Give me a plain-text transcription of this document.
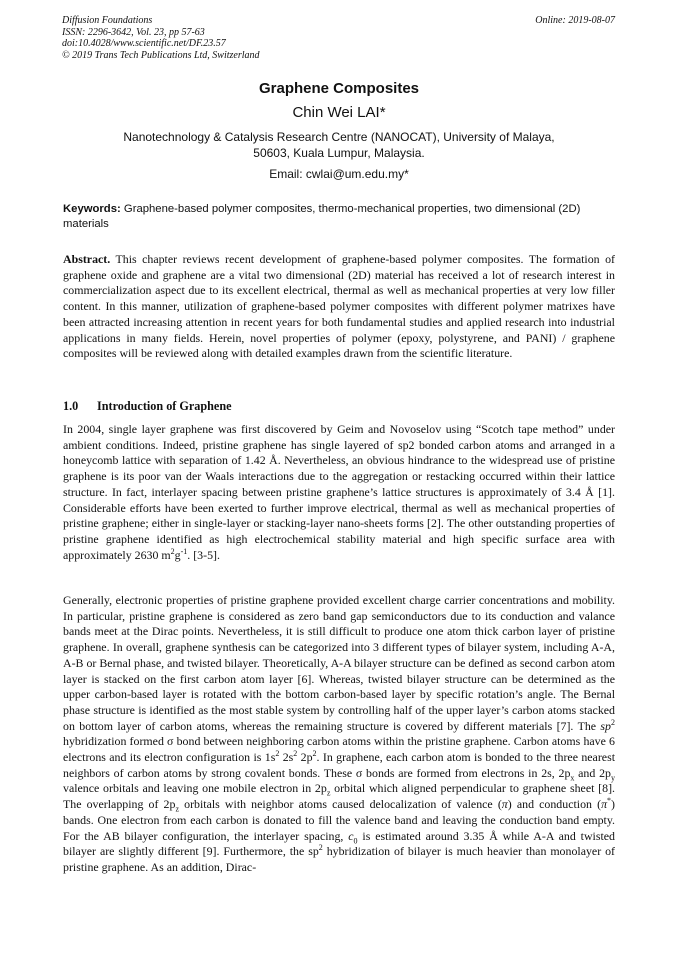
Diffusion Foundations
ISSN: 2296-3642, Vol. 23, pp 57-63
doi:10.4028/www.scientific.net/DF.23.57
© 2019 Trans Tech Publications Ltd, Switzerland
Online: 2019-08-07
Graphene Composites
Chin Wei LAI*
Nanotechnology & Catalysis Research Centre (NANOCAT), University of Malaya,
50603, Kuala Lumpur, Malaysia.
Email: cwlai@um.edu.my*
Keywords: Graphene-based polymer composites, thermo-mechanical properties, two dimensional (2D) materials
Abstract. This chapter reviews recent development of graphene-based polymer composites. The formation of graphene oxide and graphene are a vital two dimensional (2D) material has received a lot of research interest in commercialization aspect due to its excellent electrical, thermal as well as mechanical properties at very low filler content. In this manner, utilization of graphene-based polymer composites with different polymer matrixes have been attracted increasing attention in recent years for both fundamental studies and applied research into industrial applications in many fields. Herein, novel properties of polymer (epoxy, polystyrene, and PANI) / graphene composites will be reviewed along with detailed examples drawn from the scientific literature.
1.0 Introduction of Graphene
In 2004, single layer graphene was first discovered by Geim and Novoselov using “Scotch tape method” under ambient conditions. Indeed, pristine graphene has single layered of sp2 bonded carbon atoms and arranged in a honeycomb lattice with separation of 1.42 Å. Nevertheless, an obvious hindrance to the widespread use of pristine graphene is its poor van der Waals interactions due to the aggregation or restacking occurred within their lattice structure. In fact, interlayer spacing between pristine graphene’s lattice structures is approximately of 3.4 Å [1]. Considerable efforts have been exerted to further improve electrical, thermal as well as mechanical properties of pristine graphene; either in single-layer or stacking-layer nano-sheets forms [2]. The other outstanding properties of pristine graphene identified as high electrochemical stability material and high specific surface area with approximately 2630 $m^2g^{-1}$. [3-5].
Generally, electronic properties of pristine graphene provided excellent charge carrier concentrations and mobility. In particular, pristine graphene is considered as zero band gap semiconductors due to its conduction and valance bands meet at the Dirac points. Nevertheless, it is still difficult to produce one atom thick carbon layer of pristine graphene. In overall, graphene synthesis can be categorized into 3 different types of bilayer system, including A-A, A-B or Bernal phase, and twisted bilayer. Theoretically, A-A bilayer structure can be defined as second carbon atom layer is stacked on the first carbon atom layer [6]. Whereas, twisted bilayer structure can be determined as the upper carbon-based layer is rotated with the bottom carbon-based layer by specific rotation’s angle. The Bernal phase structure is identified as the most stable system by controlling half of the upper layer’s carbon atoms stacked on bottom layer of carbon atoms, whereas the remaining structure is covered by different materials [7]. The $sp^2$ hybridization formed σ bond between neighboring carbon atoms within the pristine graphene. Carbon atoms have 6 electrons and its electron configuration is $1s^2$ $2s^2$ $2p^2$. In graphene, each carbon atom is bonded to the three nearest neighbors of carbon atoms by strong covalent bonds. These σ bonds are formed from electrons in 2s, $2p_x$ and $2p_y$ valence orbitals and leaving one mobile electron in $2p_z$ orbital which aligned perpendicular to graphene sheet [8]. The overlapping of $2p_z$ orbitals with neighbor atoms caused delocalization of valence (π) and conduction (π*) bands. One electron from each carbon is donated to fill the valence band and leaving the conduction band empty. For the AB bilayer configuration, the interlayer spacing, $c_0$ is estimated around 3.35 Å while A-A and twisted bilayer are slightly different [9]. Furthermore, the $sp^2$ hybridization of bilayer is much heavier than monolayer of pristine graphene. As an addition, Dirac-
